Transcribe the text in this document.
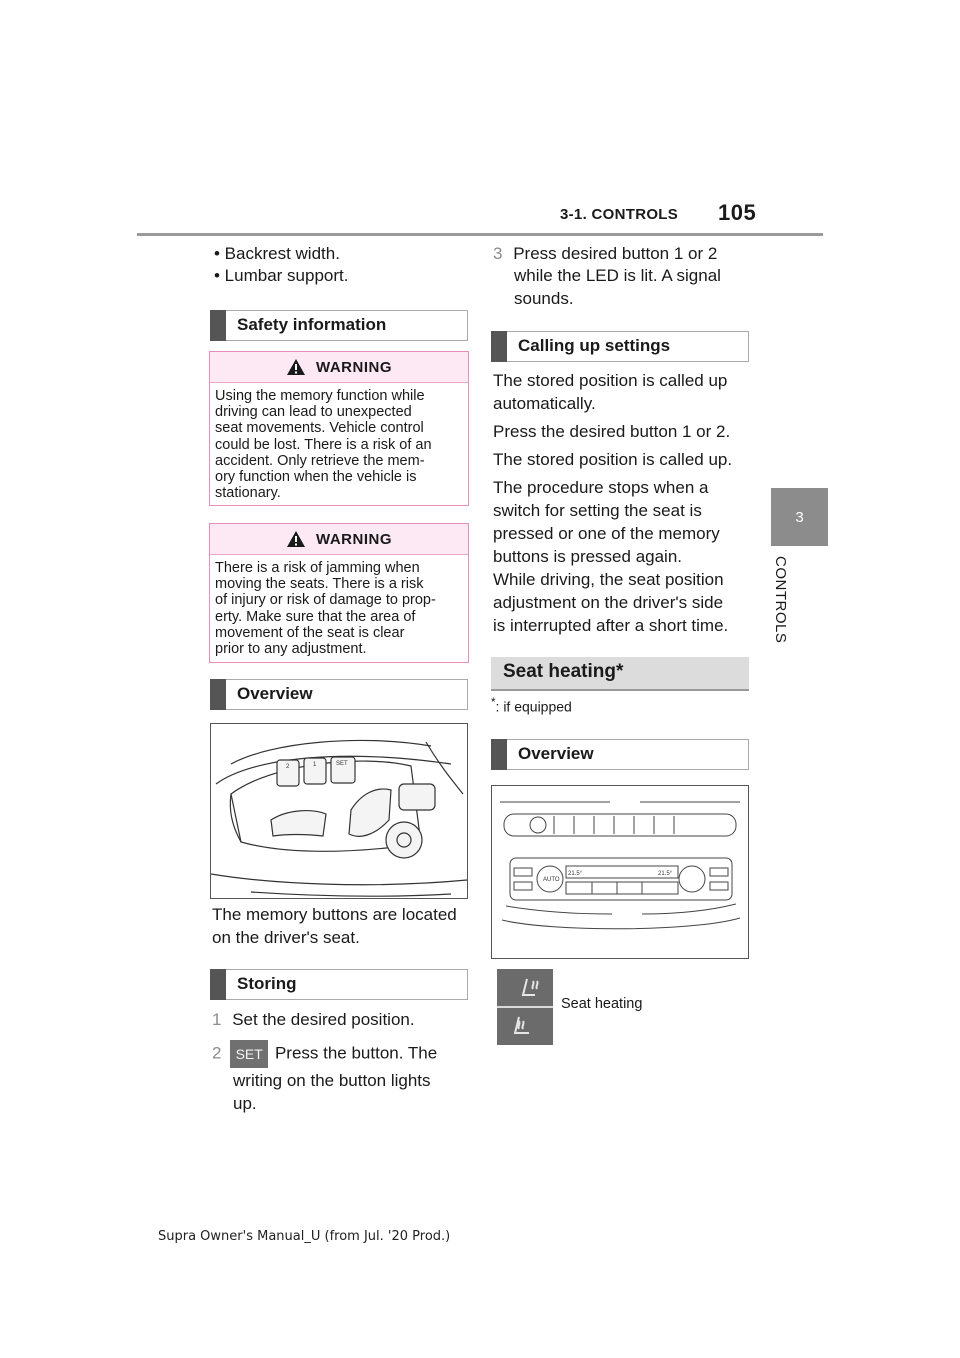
3-1. CONTROLS 105
3
CONTROLS
• Backrest width.
• Lumbar support.
Safety information
WARNING
Using the memory function while
driving can lead to unexpected
seat movements. Vehicle control
could be lost. There is a risk of an
accident. Only retrieve the mem-
ory function when the vehicle is
stationary.
WARNING
There is a risk of jamming when
moving the seats. There is a risk
of injury or risk of damage to prop-
erty. Make sure that the area of
movement of the seat is clear
prior to any adjustment.
Overview
2	1	SET
The memory buttons are located
on the driver's seat.
Storing
1 Set the desired position.
2 SET Press the button. The
writing on the button lights
up.
3 Press desired button 1 or 2
while the LED is lit. A signal
sounds.
Calling up settings
The stored position is called up
automatically.
Press the desired button 1 or 2.
The stored position is called up.
The procedure stops when a
switch for setting the seat is
pressed or one of the memory
buttons is pressed again.
While driving, the seat position
adjustment on the driver's side
is interrupted after a short time.
Seat heating*
*: if equipped
Overview
21.5°	21.5°
AUTO
Seat heating
Supra Owner's Manual_U (from Jul. '20 Prod.)
